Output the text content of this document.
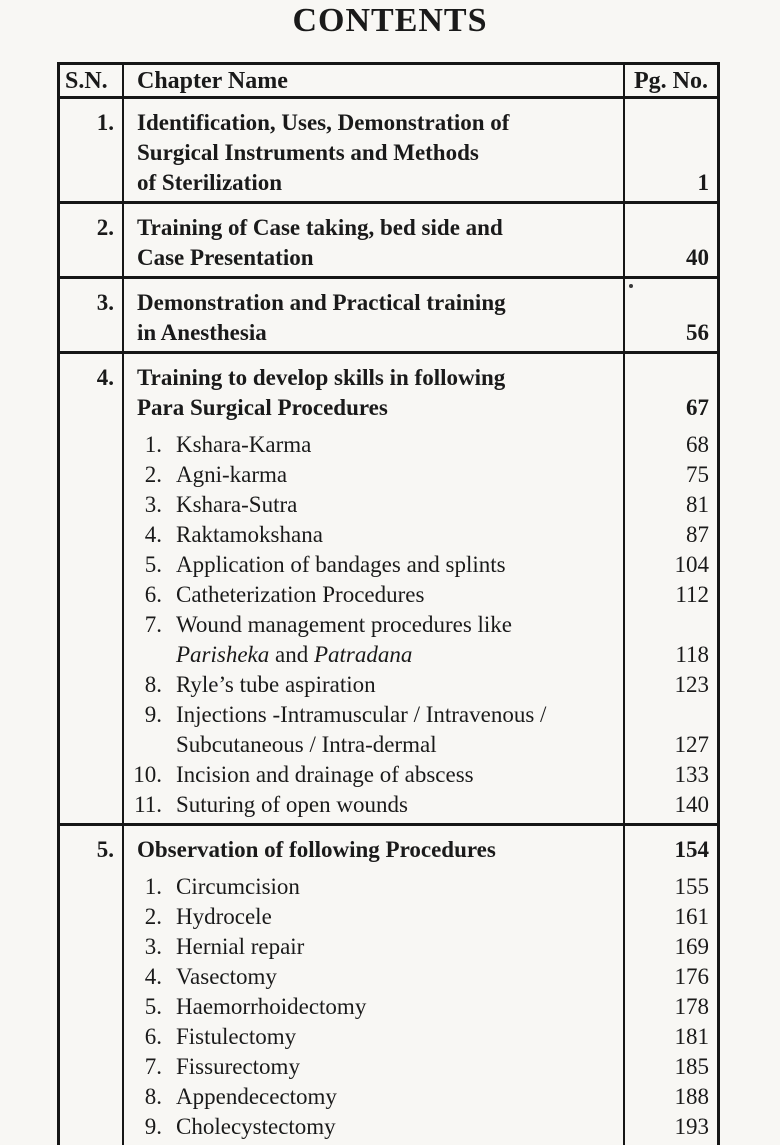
CONTENTS
S.N.	Chapter Name	Pg. No.
1.	Identification, Uses, Demonstration of
Surgical Instruments and Methods
of Sterilization	1
2.	Training of Case taking, bed side and
Case Presentation	40
3.	Demonstration and Practical training
in Anesthesia	56
4.	Training to develop skills in following
Para Surgical Procedures	67
1. Kshara-Karma	68
2. Agni-karma	75
3. Kshara-Sutra	81
4. Raktamokshana	87
5. Application of bandages and splints	104
6. Catheterization Procedures	112
7. Wound management procedures like
Parisheka and Patradana	118
8. Ryle’s tube aspiration	123
9. Injections -Intramuscular / Intravenous /
Subcutaneous / Intra-dermal	127
10. Incision and drainage of abscess	133
11. Suturing of open wounds	140
5.	Observation of following Procedures	154
1. Circumcision	155
2. Hydrocele	161
3. Hernial repair	169
4. Vasectomy	176
5. Haemorrhoidectomy	178
6. Fistulectomy	181
7. Fissurectomy	185
8. Appendecectomy	188
9. Cholecystectomy	193
